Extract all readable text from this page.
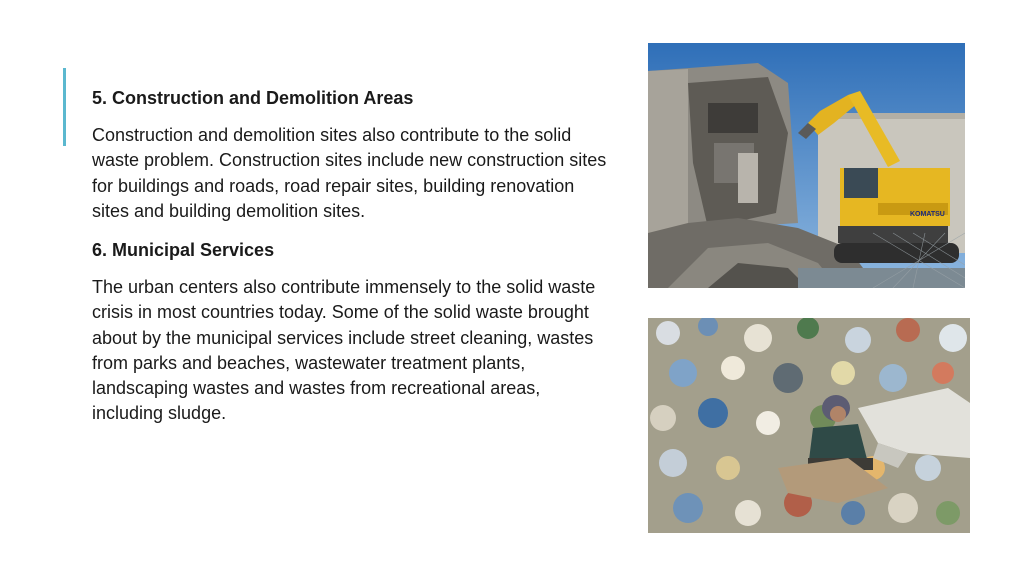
5. Construction and Demolition Areas
Construction and demolition sites also contribute to the solid waste problem. Construction sites include new construction sites for buildings and roads, road repair sites, building renovation sites and building demolition sites.
6. Municipal Services
The urban centers also contribute immensely to the solid waste crisis in most countries today. Some of the solid waste brought about by the municipal services include street cleaning, wastes from parks and beaches, wastewater treatment plants, landscaping wastes and wastes from recreational areas, including sludge.
KOMATSU
